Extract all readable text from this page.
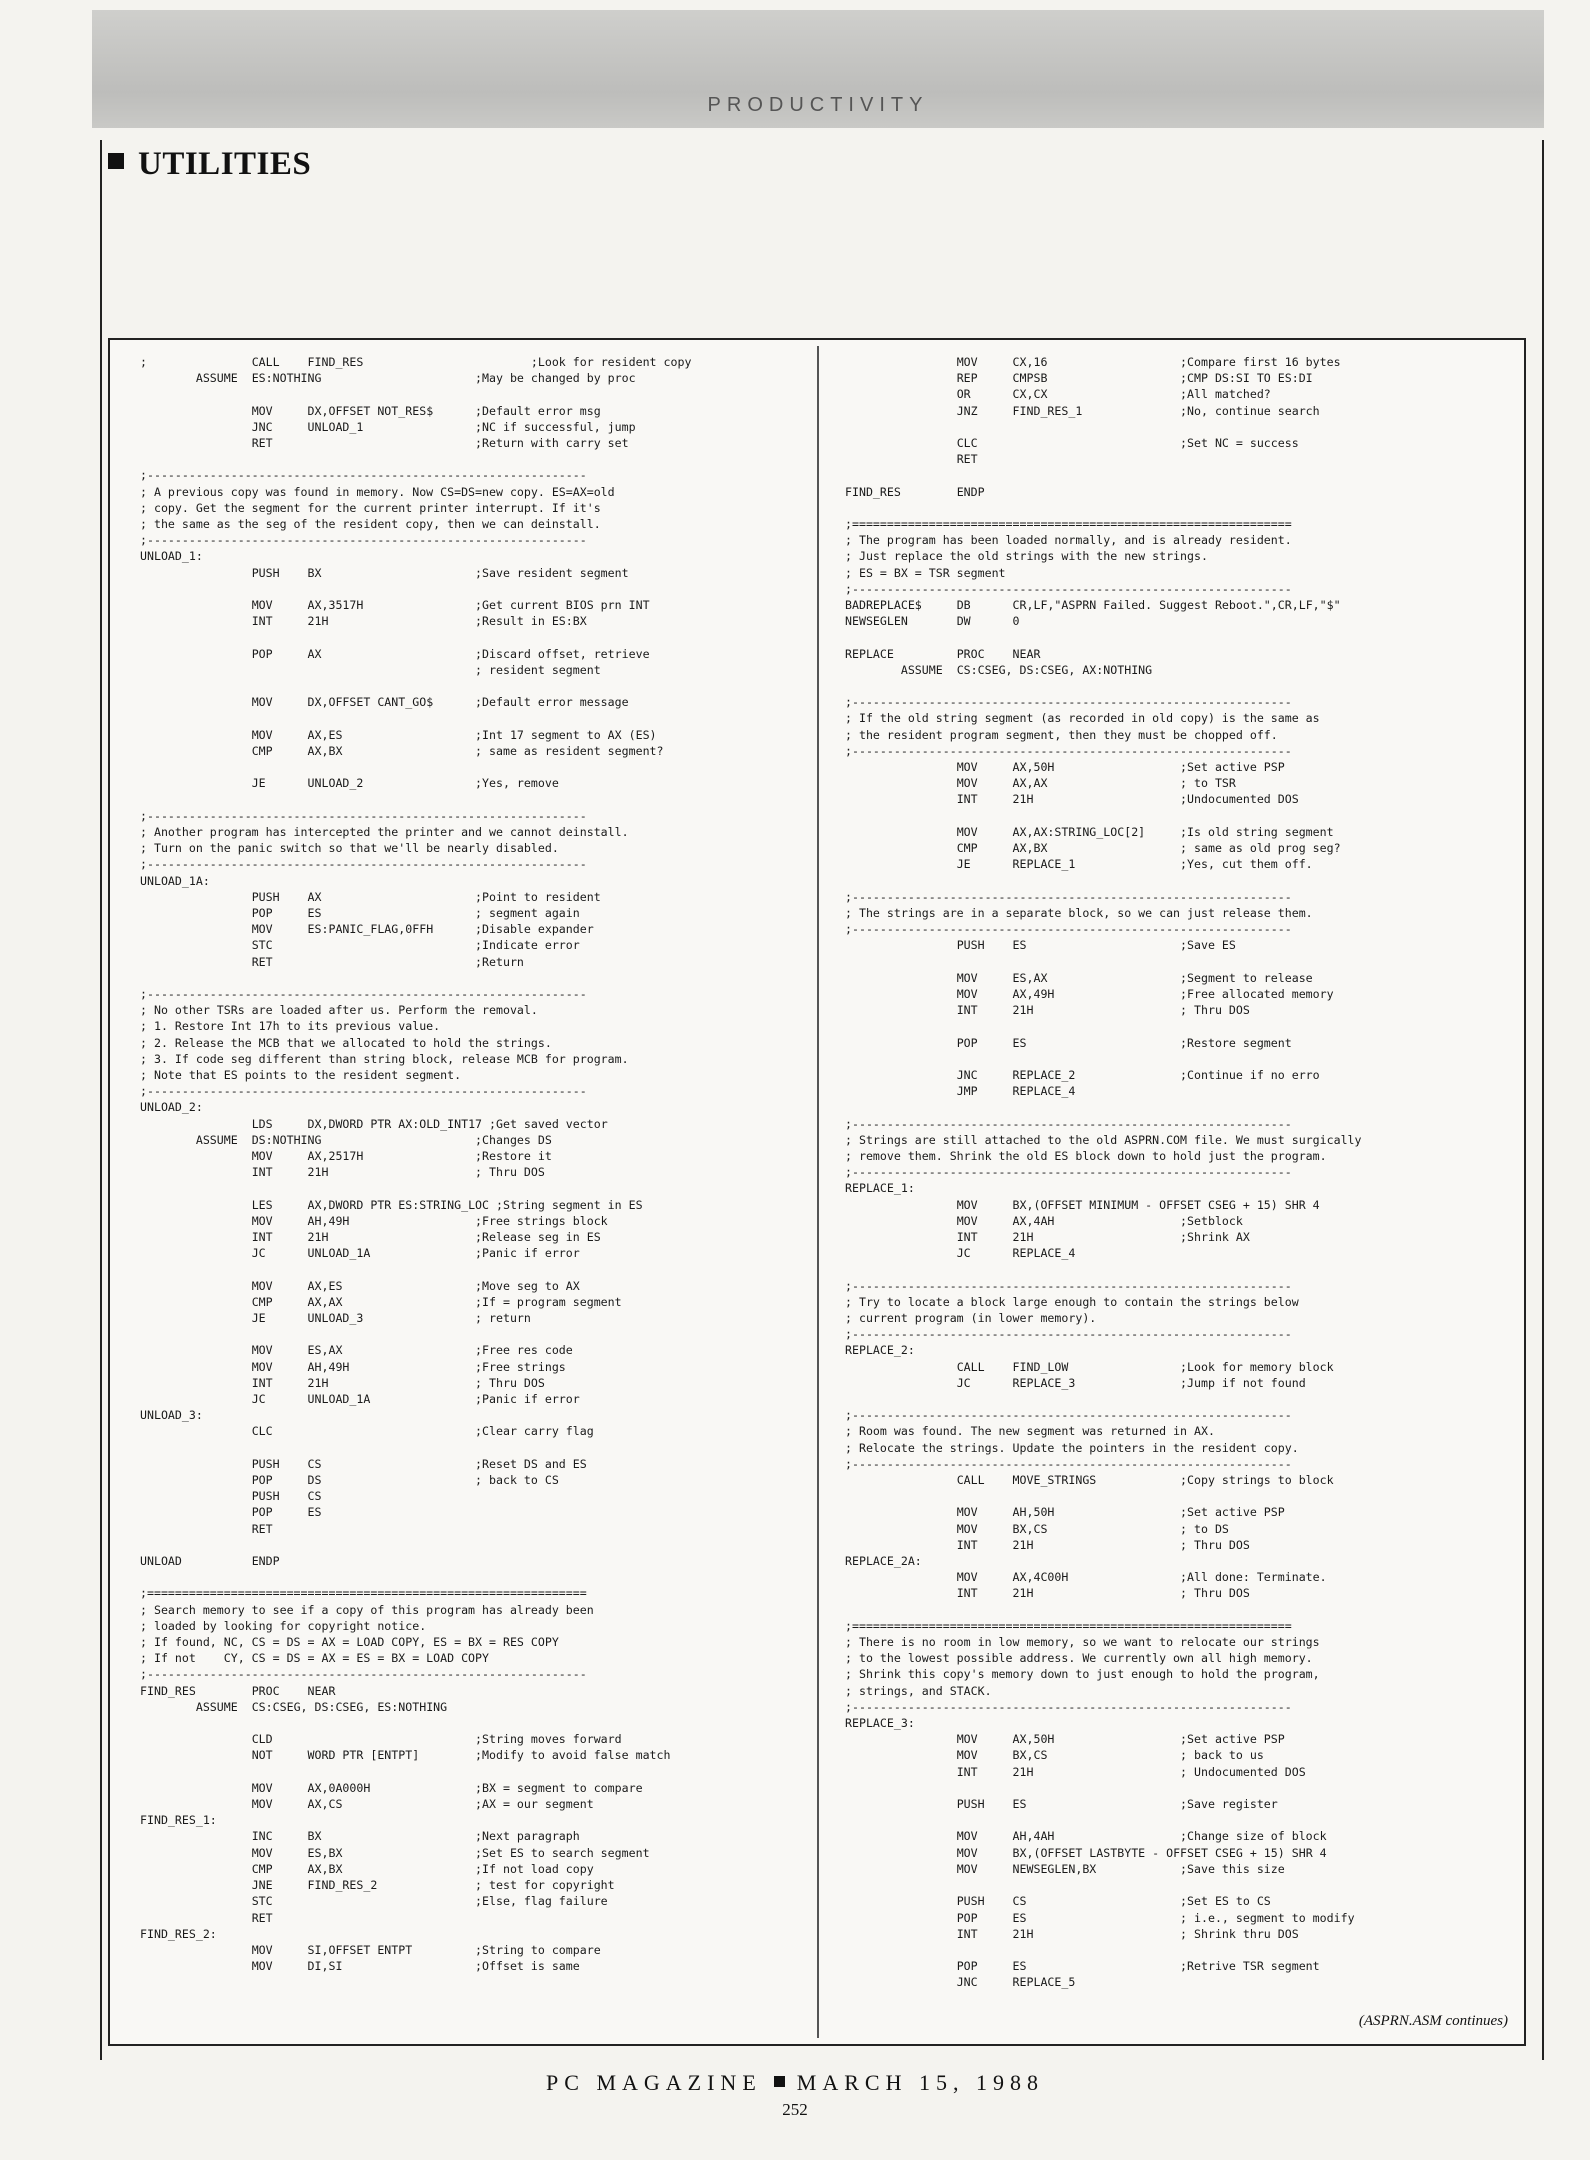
PRODUCTIVITY
UTILITIES
;		CALL	FIND_RES			;Look for resident copy
	ASSUME	ES:NOTHING			;May be changed by proc

		MOV	DX,OFFSET NOT_RES$	;Default error msg
		JNC	UNLOAD_1		;NC if successful, jump
		RET				;Return with carry set

;---------------------------------------------------------------
; A previous copy was found in memory. Now CS=DS=new copy. ES=AX=old
; copy. Get the segment for the current printer interrupt. If it's
; the same as the seg of the resident copy, then we can deinstall.
;---------------------------------------------------------------
UNLOAD_1:
		PUSH	BX			;Save resident segment

		MOV	AX,3517H		;Get current BIOS prn INT
		INT	21H			;Result in ES:BX

		POP	AX			;Discard offset, retrieve
						; resident segment

		MOV	DX,OFFSET CANT_GO$	;Default error message

		MOV	AX,ES			;Int 17 segment to AX (ES)
		CMP	AX,BX			; same as resident segment?

		JE	UNLOAD_2		;Yes, remove

;---------------------------------------------------------------
; Another program has intercepted the printer and we cannot deinstall.
; Turn on the panic switch so that we'll be nearly disabled.
;---------------------------------------------------------------
UNLOAD_1A:
		PUSH	AX			;Point to resident
		POP	ES			; segment again
		MOV	ES:PANIC_FLAG,0FFH	;Disable expander
		STC				;Indicate error
		RET				;Return

;---------------------------------------------------------------
; No other TSRs are loaded after us. Perform the removal.
; 1. Restore Int 17h to its previous value.
; 2. Release the MCB that we allocated to hold the strings.
; 3. If code seg different than string block, release MCB for program.
; Note that ES points to the resident segment.
;---------------------------------------------------------------
UNLOAD_2:
		LDS	DX,DWORD PTR AX:OLD_INT17 ;Get saved vector
	ASSUME	DS:NOTHING			;Changes DS
		MOV	AX,2517H		;Restore it
		INT	21H			; Thru DOS

		LES	AX,DWORD PTR ES:STRING_LOC ;String segment in ES
		MOV	AH,49H			;Free strings block
		INT	21H			;Release seg in ES
		JC	UNLOAD_1A		;Panic if error

		MOV	AX,ES			;Move seg to AX
		CMP	AX,AX			;If = program segment
		JE	UNLOAD_3		; return

		MOV	ES,AX			;Free res code
		MOV	AH,49H			;Free strings
		INT	21H			; Thru DOS
		JC	UNLOAD_1A		;Panic if error
UNLOAD_3:
		CLC				;Clear carry flag

		PUSH	CS			;Reset DS and ES
		POP	DS			; back to CS
		PUSH	CS
		POP	ES
		RET

UNLOAD		ENDP

;===============================================================
; Search memory to see if a copy of this program has already been
; loaded by looking for copyright notice.
; If found, NC, CS = DS = AX = LOAD COPY, ES = BX = RES COPY
; If not    CY, CS = DS = AX = ES = BX = LOAD COPY
;---------------------------------------------------------------
FIND_RES	PROC	NEAR
	ASSUME	CS:CSEG, DS:CSEG, ES:NOTHING

		CLD				;String moves forward
		NOT	WORD PTR [ENTPT]	;Modify to avoid false match

		MOV	AX,0A000H		;BX = segment to compare
		MOV	AX,CS			;AX = our segment
FIND_RES_1:
		INC	BX			;Next paragraph
		MOV	ES,BX			;Set ES to search segment
		CMP	AX,BX			;If not load copy
		JNE	FIND_RES_2		; test for copyright
		STC				;Else, flag failure
		RET
FIND_RES_2:
		MOV	SI,OFFSET ENTPT		;String to compare
		MOV	DI,SI			;Offset is same
		MOV	CX,16			;Compare first 16 bytes
		REP	CMPSB			;CMP DS:SI TO ES:DI
		OR	CX,CX			;All matched?
		JNZ	FIND_RES_1		;No, continue search

		CLC				;Set NC = success
		RET

FIND_RES	ENDP

;===============================================================
; The program has been loaded normally, and is already resident.
; Just replace the old strings with the new strings.
; ES = BX = TSR segment
;---------------------------------------------------------------
BADREPLACE$	DB	CR,LF,"ASPRN Failed. Suggest Reboot.",CR,LF,"$"
NEWSEGLEN	DW	0

REPLACE		PROC	NEAR
	ASSUME	CS:CSEG, DS:CSEG, AX:NOTHING

;---------------------------------------------------------------
; If the old string segment (as recorded in old copy) is the same as
; the resident program segment, then they must be chopped off.
;---------------------------------------------------------------
		MOV	AX,50H			;Set active PSP
		MOV	AX,AX			; to TSR
		INT	21H			;Undocumented DOS

		MOV	AX,AX:STRING_LOC[2]	;Is old string segment
		CMP	AX,BX			; same as old prog seg?
		JE	REPLACE_1		;Yes, cut them off.

;---------------------------------------------------------------
; The strings are in a separate block, so we can just release them.
;---------------------------------------------------------------
		PUSH	ES			;Save ES

		MOV	ES,AX			;Segment to release
		MOV	AX,49H			;Free allocated memory
		INT	21H			; Thru DOS

		POP	ES			;Restore segment

		JNC	REPLACE_2		;Continue if no erro
		JMP	REPLACE_4

;---------------------------------------------------------------
; Strings are still attached to the old ASPRN.COM file. We must surgically
; remove them. Shrink the old ES block down to hold just the program.
;---------------------------------------------------------------
REPLACE_1:
		MOV	BX,(OFFSET MINIMUM - OFFSET CSEG + 15) SHR 4
		MOV	AX,4AH			;Setblock
		INT	21H			;Shrink AX
		JC	REPLACE_4

;---------------------------------------------------------------
; Try to locate a block large enough to contain the strings below
; current program (in lower memory).
;---------------------------------------------------------------
REPLACE_2:
		CALL	FIND_LOW		;Look for memory block
		JC	REPLACE_3		;Jump if not found

;---------------------------------------------------------------
; Room was found. The new segment was returned in AX.
; Relocate the strings. Update the pointers in the resident copy.
;---------------------------------------------------------------
		CALL	MOVE_STRINGS		;Copy strings to block

		MOV	AH,50H			;Set active PSP
		MOV	BX,CS			; to DS
		INT	21H			; Thru DOS
REPLACE_2A:
		MOV	AX,4C00H		;All done: Terminate.
		INT	21H			; Thru DOS

;===============================================================
; There is no room in low memory, so we want to relocate our strings
; to the lowest possible address. We currently own all high memory.
; Shrink this copy's memory down to just enough to hold the program,
; strings, and STACK.
;---------------------------------------------------------------
REPLACE_3:
		MOV	AX,50H			;Set active PSP
		MOV	BX,CS			; back to us
		INT	21H			; Undocumented DOS

		PUSH	ES			;Save register

		MOV	AH,4AH			;Change size of block
		MOV	BX,(OFFSET LASTBYTE - OFFSET CSEG + 15) SHR 4
		MOV	NEWSEGLEN,BX		;Save this size

		PUSH	CS			;Set ES to CS
		POP	ES			; i.e., segment to modify
		INT	21H			; Shrink thru DOS

		POP	ES			;Retrive TSR segment
		JNC	REPLACE_5
(ASPRN.ASM continues)
PC MAGAZINE MARCH 15, 1988
252
